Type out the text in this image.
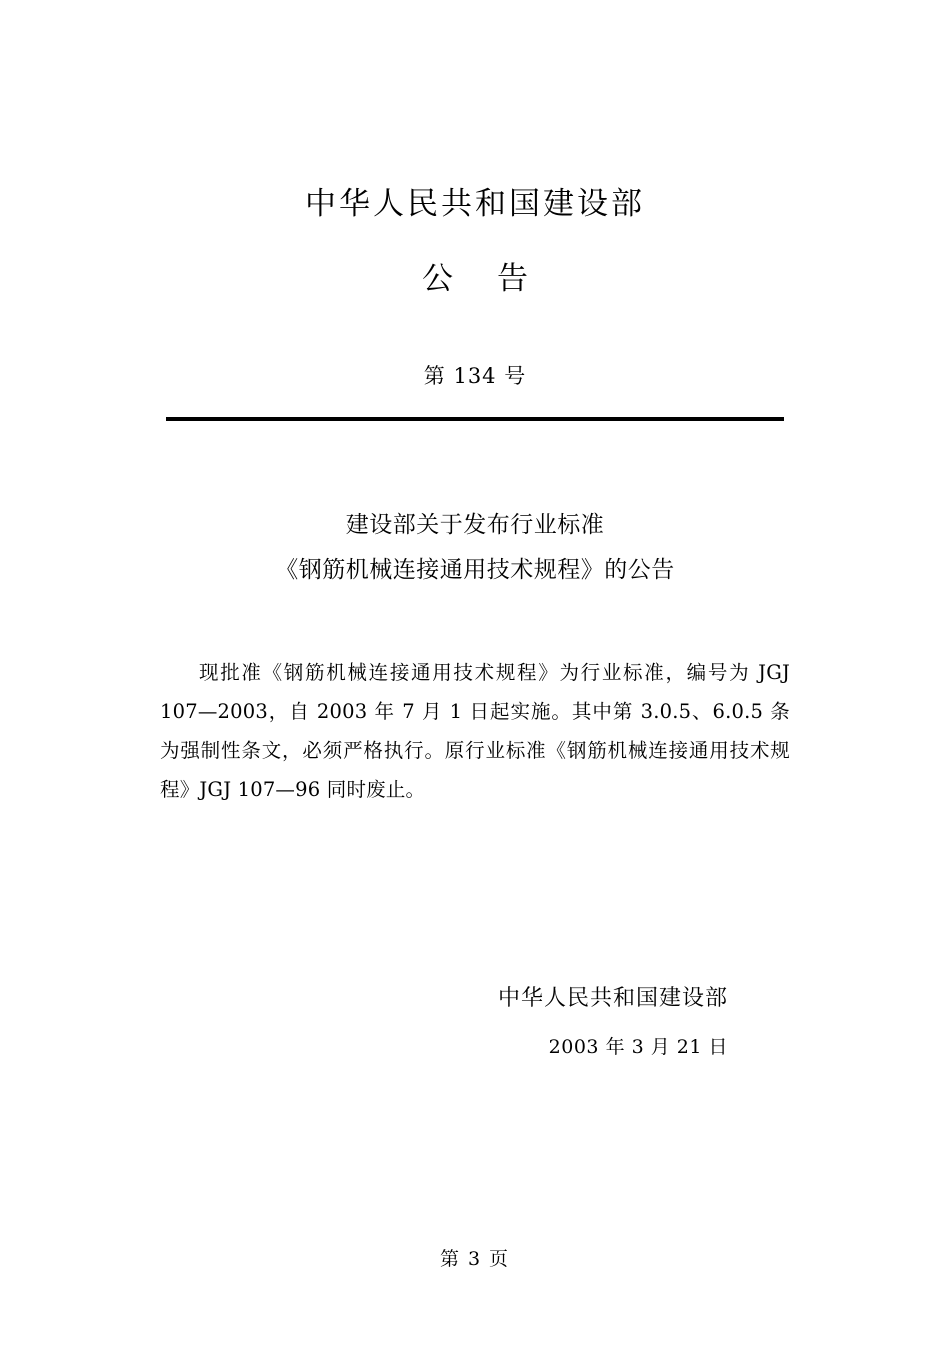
中华人民共和国建设部
公 告
第 134 号
建设部关于发布行业标准
《钢筋机械连接通用技术规程》的公告
现批准《钢筋机械连接通用技术规程》为行业标准，编号为 JGJ 107—2003，自 2003 年 7 月 1 日起实施。其中第 3.0.5、6.0.5 条为强制性条文，必须严格执行。原行业标准《钢筋机械连接通用技术规程》JGJ 107—96 同时废止。
中华人民共和国建设部
2003 年 3 月 21 日
第 3 页
